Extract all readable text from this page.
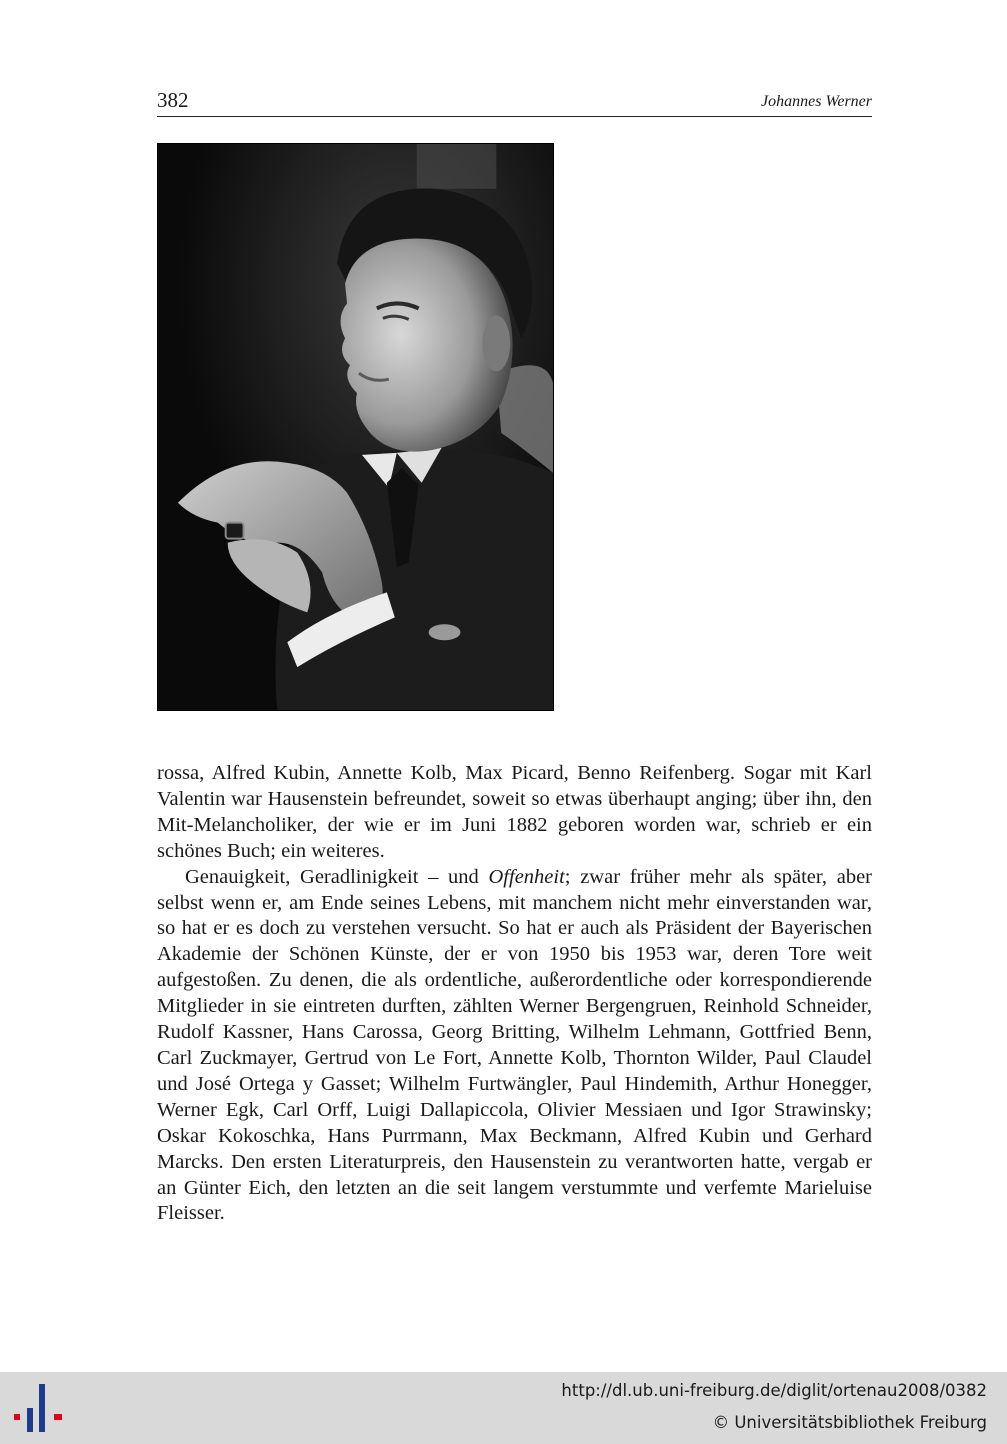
382	Johannes Werner

rossa, Alfred Kubin, Annette Kolb, Max Picard, Benno Reifenberg. Sogar mit Karl Valentin war Hausenstein befreundet, soweit so etwas überhaupt anging; über ihn, den Mit-Melancholiker, der wie er im Juni 1882 geboren worden war, schrieb er ein schönes Buch; ein weiteres.

Genauigkeit, Geradlinigkeit – und Offenheit; zwar früher mehr als später, aber selbst wenn er, am Ende seines Lebens, mit manchem nicht mehr einverstanden war, so hat er es doch zu verstehen versucht. So hat er auch als Präsident der Bayerischen Akademie der Schönen Künste, der er von 1950 bis 1953 war, deren Tore weit aufgestoßen. Zu denen, die als ordentliche, außerordentliche oder korrespondierende Mitglieder in sie eintreten durften, zählten Werner Bergengruen, Reinhold Schneider, Rudolf Kassner, Hans Carossa, Georg Britting, Wilhelm Lehmann, Gottfried Benn, Carl Zuckmayer, Gertrud von Le Fort, Annette Kolb, Thornton Wilder, Paul Claudel und José Ortega y Gasset; Wilhelm Furtwängler, Paul Hindemith, Arthur Honegger, Werner Egk, Carl Orff, Luigi Dallapiccola, Olivier Messiaen und Igor Strawinsky; Oskar Kokoschka, Hans Purrmann, Max Beckmann, Alfred Kubin und Gerhard Marcks. Den ersten Literaturpreis, den Hausenstein zu verantworten hatte, vergab er an Günter Eich, den letzten an die seit langem verstummte und verfemte Marieluise Fleisser.

http://dl.ub.uni-freiburg.de/diglit/ortenau2008/0382
© Universitätsbibliothek Freiburg
